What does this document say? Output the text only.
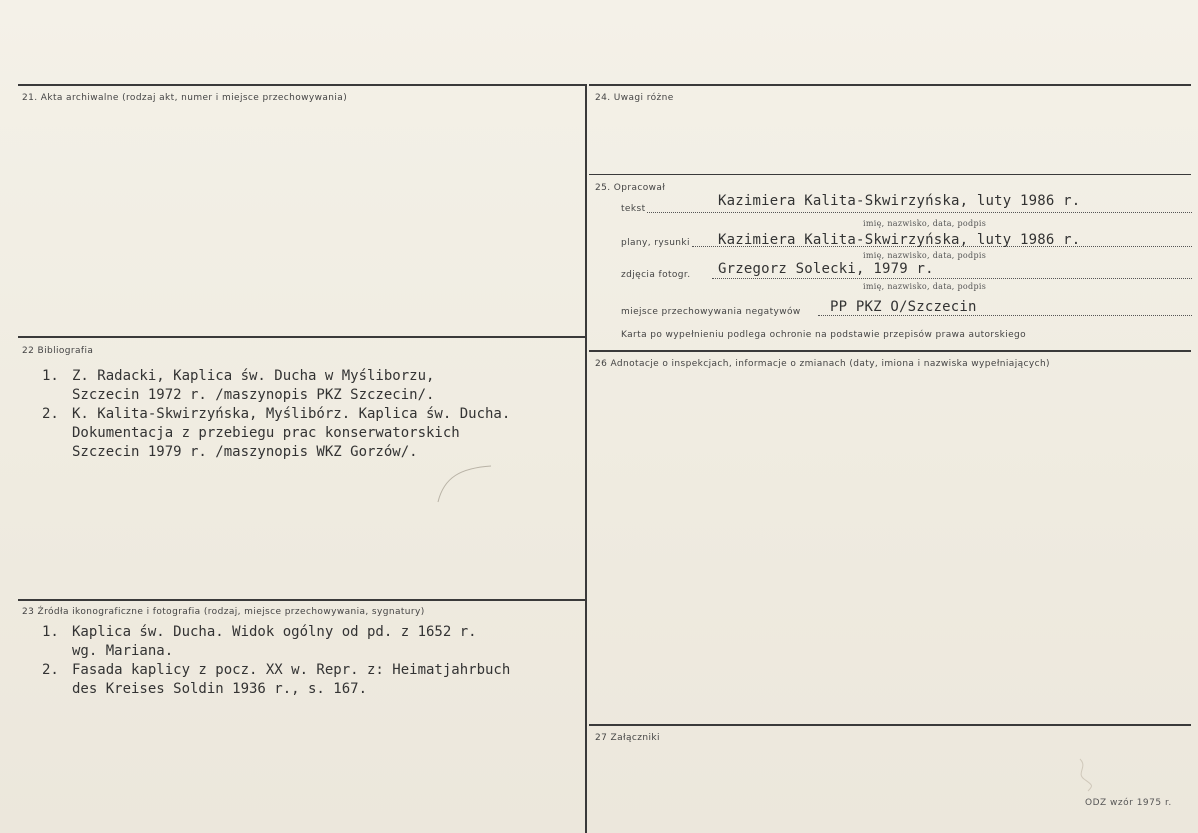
21. Akta archiwalne (rodzaj akt, numer i miejsce przechowywania)
22 Bibliografia
1. Z. Radacki, Kaplica św. Ducha w Myśliborzu,
Szczecin 1972 r. /maszynopis PKZ Szczecin/.
2. K. Kalita-Skwirzyńska, Myślibórz. Kaplica św. Ducha.
Dokumentacja z przebiegu prac konserwatorskich
Szczecin 1979 r. /maszynopis WKZ Gorzów/.
23 Źródła ikonograficzne i fotografia (rodzaj, miejsce przechowywania, sygnatury)
1. Kaplica św. Ducha. Widok ogólny od pd. z 1652 r.
wg. Mariana.
2. Fasada kaplicy z pocz. XX w. Repr. z: Heimatjahrbuch
des Kreises Soldin 1936 r., s. 167.
24. Uwagi różne
25. Opracował
tekst	Kazimiera Kalita-Skwirzyńska, luty 1986 r.
imię, nazwisko, data, podpis
plany, rysunki Kazimiera Kalita-Skwirzyńska, luty 1986 r.
imię, nazwisko, data, podpis
zdjęcia fotogr. Grzegorz Solecki, 1979 r.
imię, nazwisko, data, podpis
miejsce przechowywania negatywów PP PKZ O/Szczecin
Karta po wypełnieniu podlega ochronie na podstawie przepisów prawa autorskiego
26 Adnotacje o inspekcjach, informacje o zmianach (daty, imiona i nazwiska wypełniających)
27 Załączniki
ODZ wzór 1975 r.
